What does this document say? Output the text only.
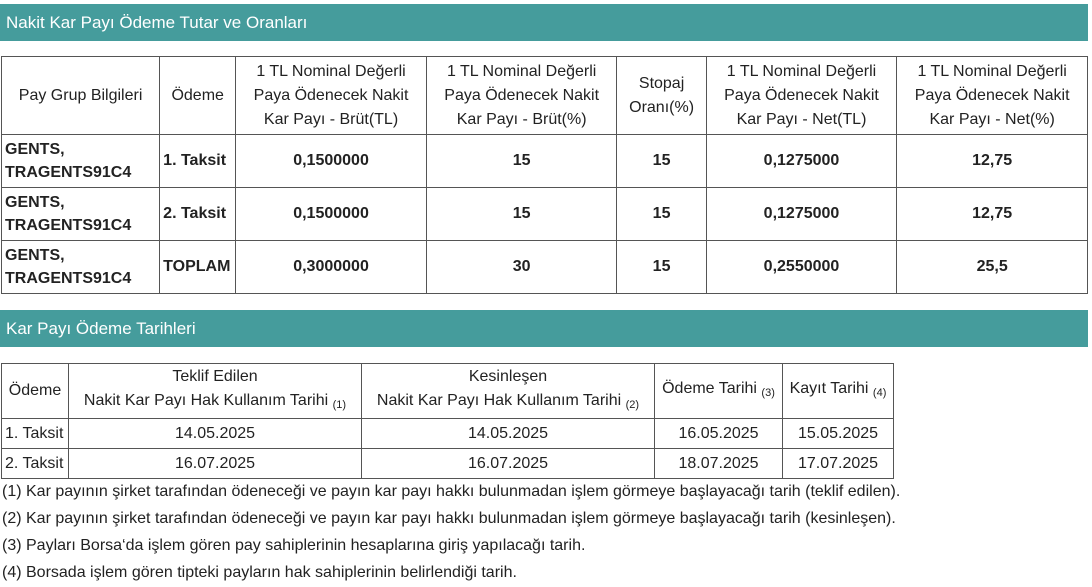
Nakit Kar Payı Ödeme Tutar ve Oranları
Pay Grup Bilgileri	Ödeme	1 TL Nominal Değerli
Paya Ödenecek Nakit
Kar Payı - Brüt(TL)	1 TL Nominal Değerli
Paya Ödenecek Nakit
Kar Payı - Brüt(%)	Stopaj
Oranı(%)	1 TL Nominal Değerli
Paya Ödenecek Nakit
Kar Payı - Net(TL)	1 TL Nominal Değerli
Paya Ödenecek Nakit
Kar Payı - Net(%)
GENTS,
TRAGENTS91C4	1. Taksit	0,1500000	15	15	0,1275000	12,75
GENTS,
TRAGENTS91C4	2. Taksit	0,1500000	15	15	0,1275000	12,75
GENTS,
TRAGENTS91C4	TOPLAM	0,3000000	30	15	0,2550000	25,5
Kar Payı Ödeme Tarihleri
Ödeme	Teklif Edilen
Nakit Kar Payı Hak Kullanım Tarihi $^{(1)}$	Kesinleşen
Nakit Kar Payı Hak Kullanım Tarihi $^{(2)}$	Ödeme Tarihi $^{(3)}$	Kayıt Tarihi $^{(4)}$
1. Taksit	14.05.2025	14.05.2025	16.05.2025	15.05.2025
2. Taksit	16.07.2025	16.07.2025	18.07.2025	17.07.2025
(1) Kar payının şirket tarafından ödeneceği ve payın kar payı hakkı bulunmadan işlem görmeye başlayacağı tarih (teklif edilen).
(2) Kar payının şirket tarafından ödeneceği ve payın kar payı hakkı bulunmadan işlem görmeye başlayacağı tarih (kesinleşen).
(3) Payları Borsa‘da işlem gören pay sahiplerinin hesaplarına giriş yapılacağı tarih.
(4) Borsada işlem gören tipteki payların hak sahiplerinin belirlendiği tarih.
